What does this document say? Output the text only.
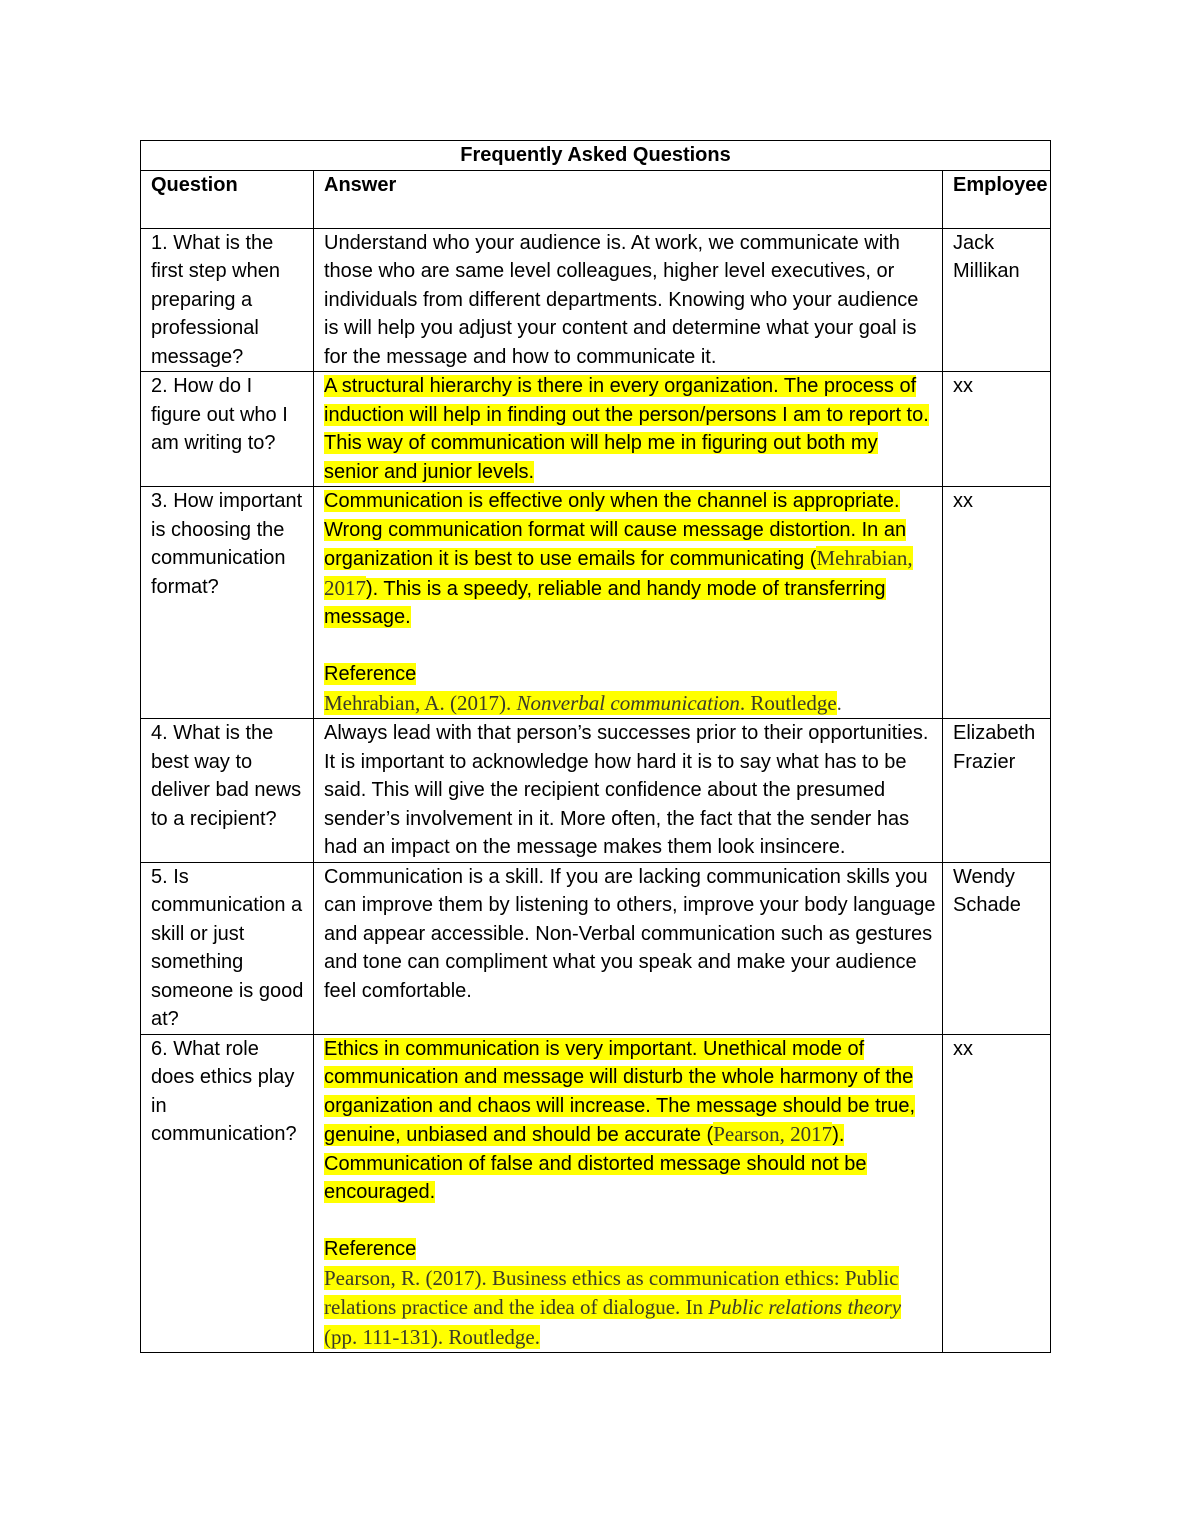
Frequently Asked Questions		
Question	Answer	Employee
1. What is the first step when preparing a professional message?	Understand who your audience is. At work, we communicate with those who are same level colleagues, higher level executives, or individuals from different departments. Knowing who your audience is will help you adjust your content and determine what your goal is for the message and how to communicate it.	Jack Millikan
2. How do I figure out who I am writing to?	A structural hierarchy is there in every organization. The process of induction will help in finding out the person/persons I am to report to. This way of communication will help me in figuring out both my senior and junior levels.	xx
3. How important is choosing the communication format?	Communication is effective only when the channel is appropriate. Wrong communication format will cause message distortion. In an organization it is best to use emails for communicating (Mehrabian, 2017). This is a speedy, reliable and handy mode of transferring message.
Reference
Mehrabian, A. (2017). Nonverbal communication. Routledge.	xx
4. What is the best way to deliver bad news to a recipient?	Always lead with that person’s successes prior to their opportunities. It is important to acknowledge how hard it is to say what has to be said. This will give the recipient confidence about the presumed sender’s involvement in it. More often, the fact that the sender has had an impact on the message makes them look insincere.	Elizabeth Frazier
5. Is communication a skill or just something someone is good at?	Communication is a skill. If you are lacking communication skills you can improve them by listening to others, improve your body language and appear accessible. Non-Verbal communication such as gestures and tone can compliment what you speak and make your audience feel comfortable.	Wendy Schade
6. What role does ethics play in communication?	Ethics in communication is very important. Unethical mode of communication and message will disturb the whole harmony of the organization and chaos will increase. The message should be true, genuine, unbiased and should be accurate (Pearson, 2017). Communication of false and distorted message should not be encouraged.
Reference
Pearson, R. (2017). Business ethics as communication ethics: Public relations practice and the idea of dialogue. In Public relations theory (pp. 111-131). Routledge.	xx
